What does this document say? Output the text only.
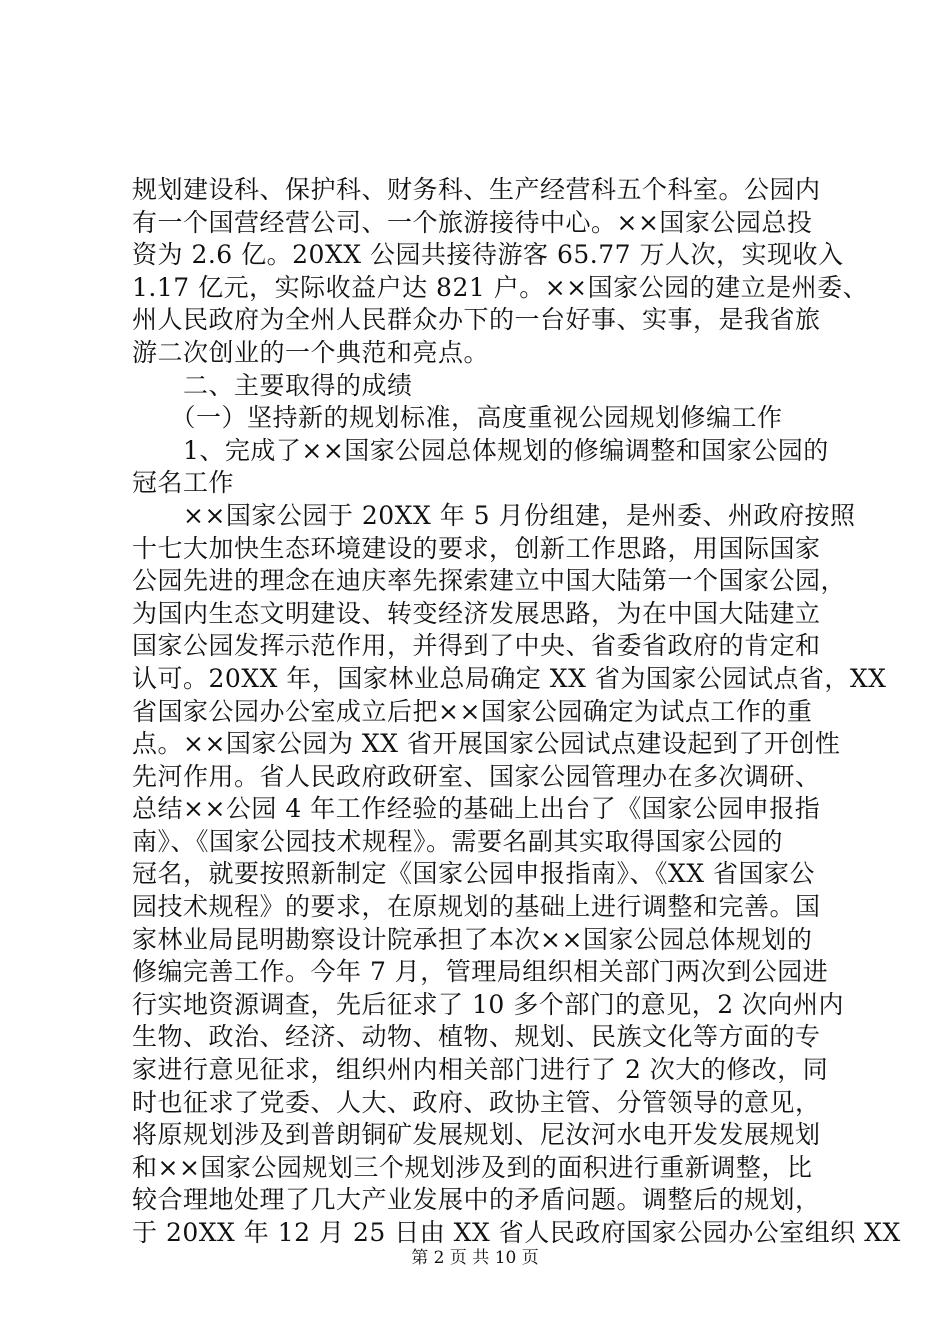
规划建设科、保护科、财务科、生产经营科五个科室。公园内
有一个国营经营公司、一个旅游接待中心。××国家公园总投
资为 2.6 亿。20XX 公园共接待游客 65.77 万人次，实现收入
1.17 亿元，实际收益户达 821 户。××国家公园的建立是州委、
州人民政府为全州人民群众办下的一台好事、实事，是我省旅
游二次创业的一个典范和亮点。
　　二、主要取得的成绩
　　（一）坚持新的规划标准，高度重视公园规划修编工作
　　1、完成了××国家公园总体规划的修编调整和国家公园的
冠名工作
　　××国家公园于 20XX 年 5 月份组建，是州委、州政府按照
十七大加快生态环境建设的要求，创新工作思路，用国际国家
公园先进的理念在迪庆率先探索建立中国大陆第一个国家公园，
为国内生态文明建设、转变经济发展思路，为在中国大陆建立
国家公园发挥示范作用，并得到了中央、省委省政府的肯定和
认可。20XX 年，国家林业总局确定 XX 省为国家公园试点省，XX
省国家公园办公室成立后把××国家公园确定为试点工作的重
点。××国家公园为 XX 省开展国家公园试点建设起到了开创性
先河作用。省人民政府政研室、国家公园管理办在多次调研、
总结××公园 4 年工作经验的基础上出台了《国家公园申报指
南》、《国家公园技术规程》。需要名副其实取得国家公园的
冠名，就要按照新制定《国家公园申报指南》、《XX 省国家公
园技术规程》的要求，在原规划的基础上进行调整和完善。国
家林业局昆明勘察设计院承担了本次××国家公园总体规划的
修编完善工作。今年 7 月，管理局组织相关部门两次到公园进
行实地资源调查，先后征求了 10 多个部门的意见，2 次向州内
生物、政治、经济、动物、植物、规划、民族文化等方面的专
家进行意见征求，组织州内相关部门进行了 2 次大的修改，同
时也征求了党委、人大、政府、政协主管、分管领导的意见，
将原规划涉及到普朗铜矿发展规划、尼汝河水电开发发展规划
和××国家公园规划三个规划涉及到的面积进行重新调整，比
较合理地处理了几大产业发展中的矛盾问题。调整后的规划，
于 20XX 年 12 月 25 日由 XX 省人民政府国家公园办公室组织 XX
第 2 页 共 10 页
